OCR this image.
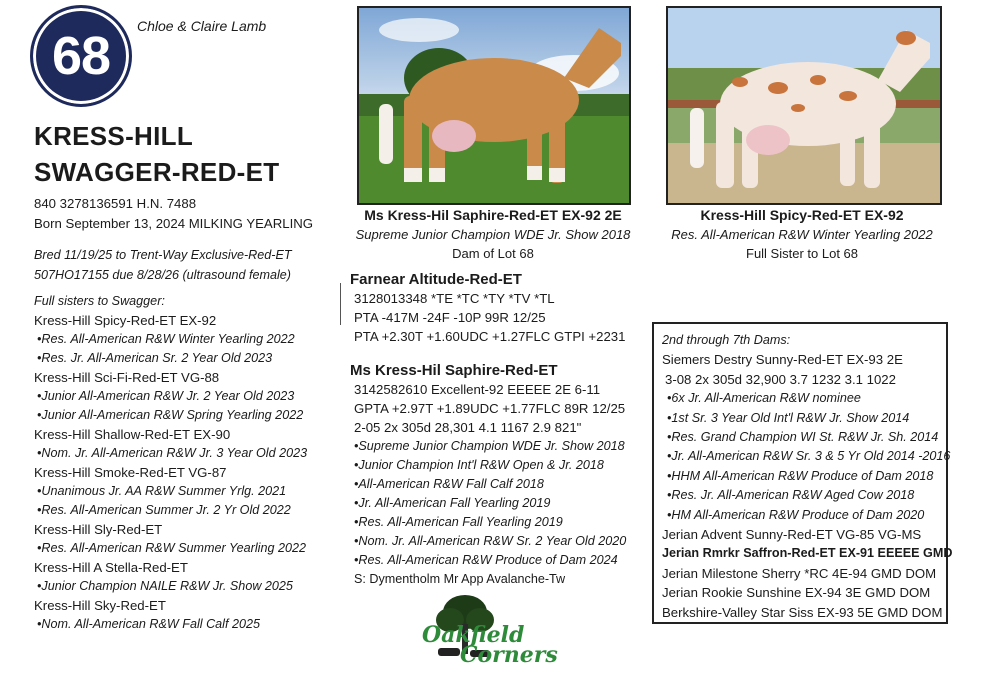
68 Chloe & Claire Lamb
KRESS-HILL
SWAGGER-RED-ET
840 3278136591 H.N. 7488
Born September 13, 2024 MILKING YEARLING
Bred 11/19/25 to Trent-Way Exclusive-Red-ET
507HO17155 due 8/28/26 (ultrasound female)
Full sisters to Swagger:
Kress-Hill Spicy-Red-ET EX-92
•Res. All-American R&W Winter Yearling 2022
•Res. Jr. All-American Sr. 2 Year Old 2023
Kress-Hill Sci-Fi-Red-ET VG-88
•Junior All-American R&W Jr. 2 Year Old 2023
•Junior All-American R&W Spring Yearling 2022
Kress-Hill Shallow-Red-ET EX-90
•Nom. Jr. All-American R&W Jr. 3 Year Old 2023
Kress-Hill Smoke-Red-ET VG-87
•Unanimous Jr. AA R&W Summer Yrlg. 2021
•Res. All-American Summer Jr. 2 Yr Old 2022
Kress-Hill Sly-Red-ET
•Res. All-American R&W Summer Yearling 2022
Kress-Hill A Stella-Red-ET
•Junior Champion NAILE R&W Jr. Show 2025
Kress-Hill Sky-Red-ET
•Nom. All-American R&W Fall Calf 2025
Ms Kress-Hil Saphire-Red-ET EX-92 2E
Supreme Junior Champion WDE Jr. Show 2018
Dam of Lot 68
Kress-Hill Spicy-Red-ET EX-92
Res. All-American R&W Winter Yearling 2022
Full Sister to Lot 68
Farnear Altitude-Red-ET
3128013348 *TE *TC *TY *TV *TL
PTA -417M -24F -10P 99R 12/25
PTA +2.30T +1.60UDC +1.27FLC GTPI +2231
Ms Kress-Hil Saphire-Red-ET
3142582610 Excellent-92 EEEEE 2E 6-11
GPTA +2.97T +1.89UDC +1.77FLC 89R 12/25
2-05 2x 305d 28,301 4.1 1167 2.9 821"
•Supreme Junior Champion WDE Jr. Show 2018
•Junior Champion Int'l R&W Open & Jr. 2018
•All-American R&W Fall Calf 2018
•Jr. All-American Fall Yearling 2019
•Res. All-American Fall Yearling 2019
•Nom. Jr. All-American R&W Sr. 2 Year Old 2020
•Res. All-American R&W Produce of Dam 2024
S: Dymentholm Mr App Avalanche-Tw
Oakfield
Corners
2nd through 7th Dams:
Siemers Destry Sunny-Red-ET EX-93 2E
3-08 2x 305d 32,900 3.7 1232 3.1 1022
•6x Jr. All-American R&W nominee
•1st Sr. 3 Year Old Int'l R&W Jr. Show 2014
•Res. Grand Champion WI St. R&W Jr. Sh. 2014
•Jr. All-American R&W Sr. 3 & 5 Yr Old 2014 -2016
•HHM All-American R&W Produce of Dam 2018
•Res. Jr. All-American R&W Aged Cow 2018
•HM All-American R&W Produce of Dam 2020
Jerian Advent Sunny-Red-ET VG-85 VG-MS
Jerian Rmrkr Saffron-Red-ET EX-91 EEEEE GMD
Jerian Milestone Sherry *RC 4E-94 GMD DOM
Jerian Rookie Sunshine EX-94 3E GMD DOM
Berkshire-Valley Star Siss EX-93 5E GMD DOM
